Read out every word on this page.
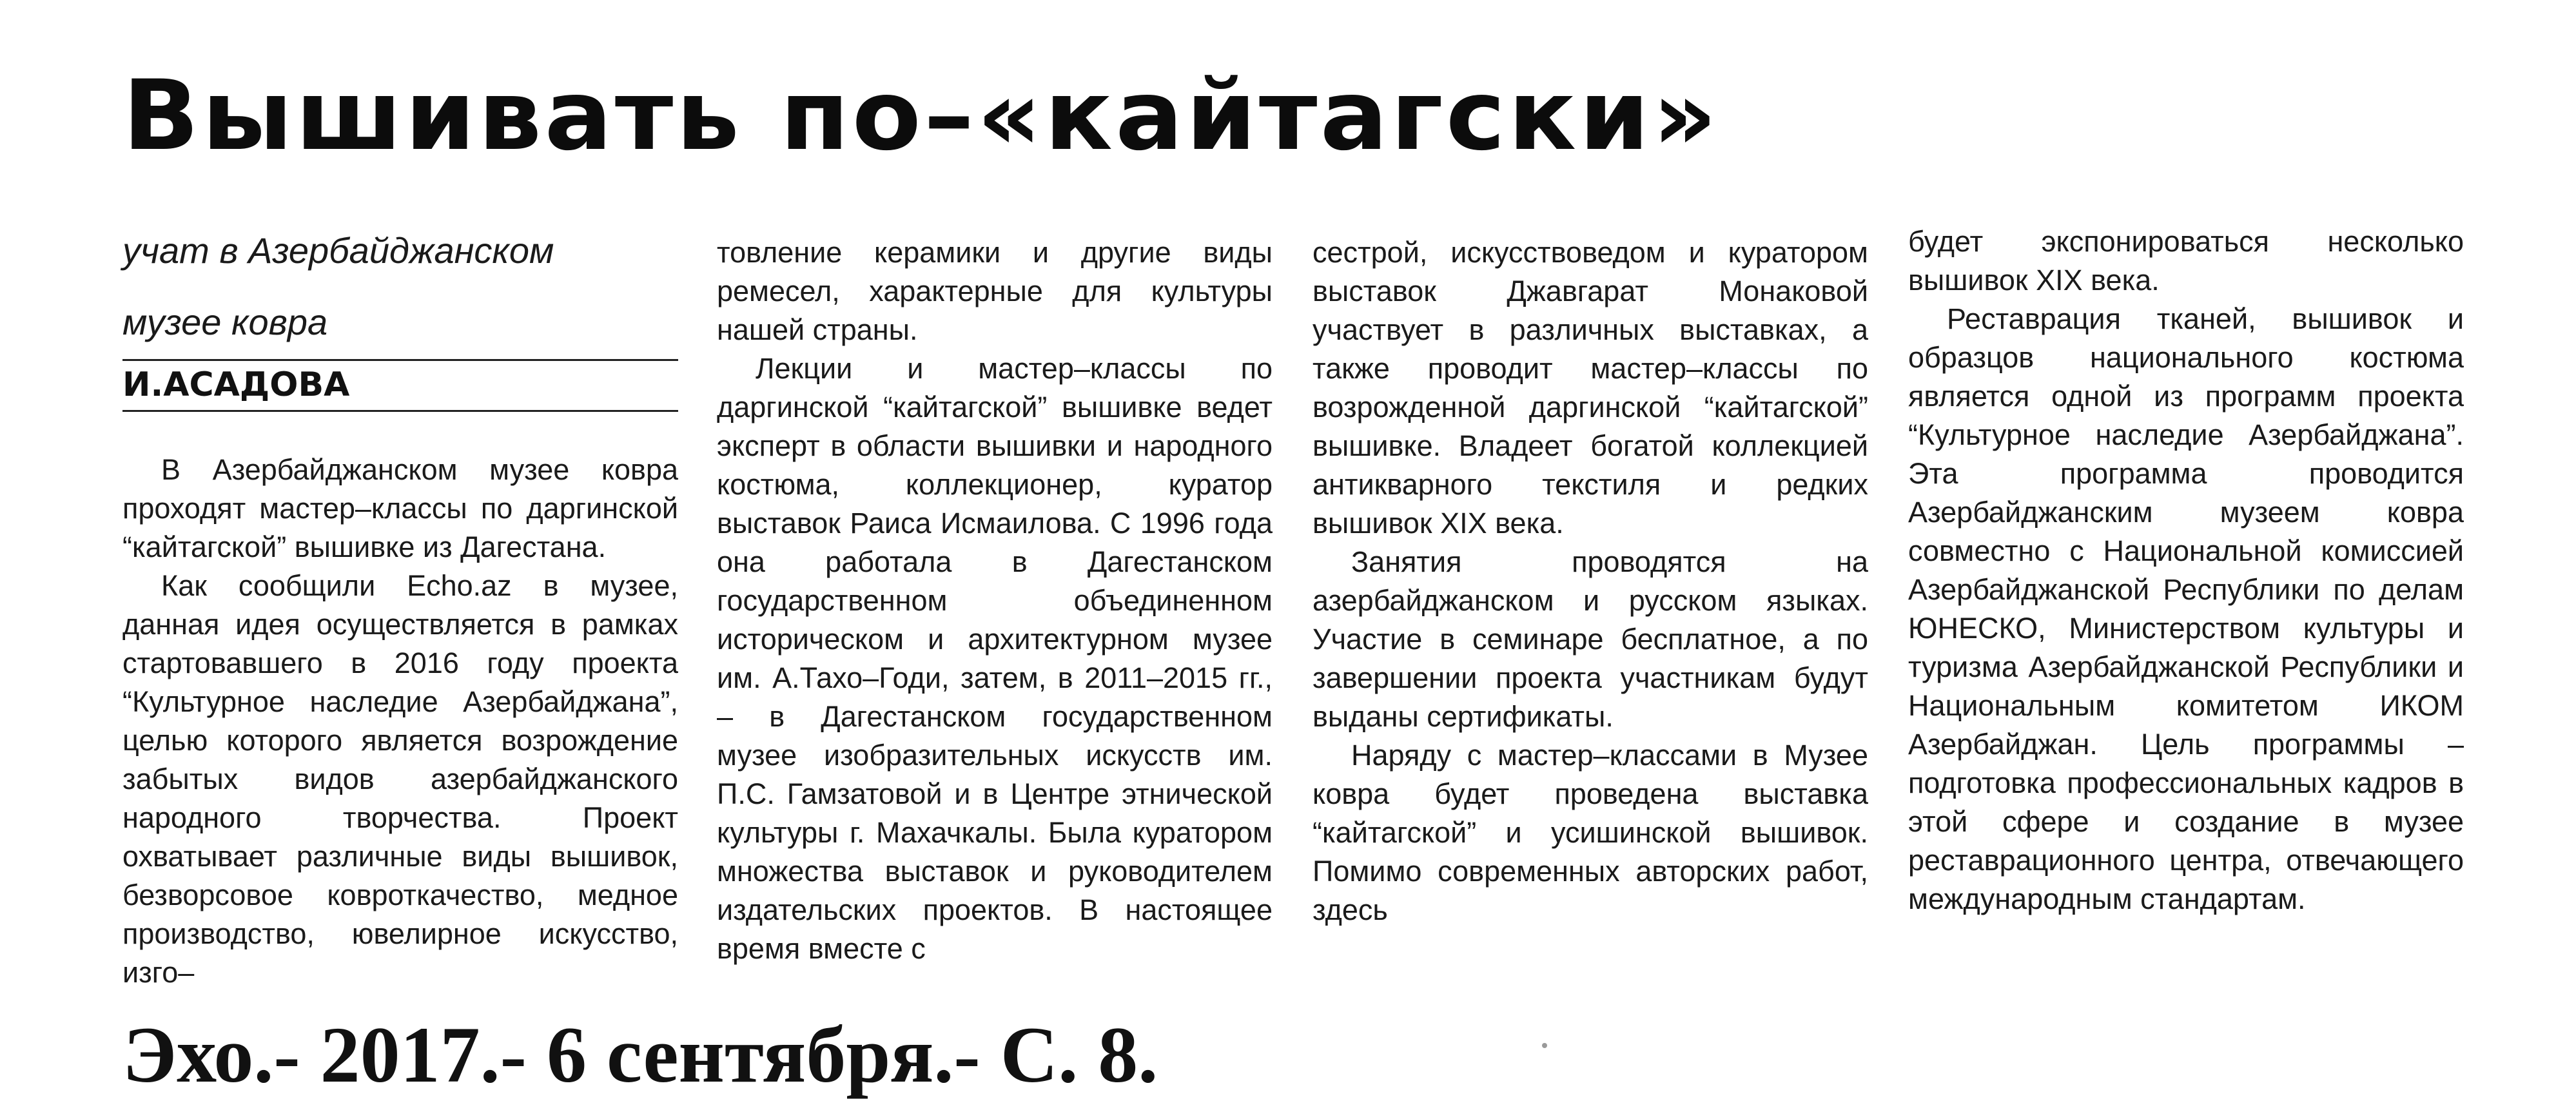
Вышивать по–«кайтагски»

учат в Азербайджанском

музее ковра

И.АСАДОВА

В Азербайджанском музее ковра проходят мастер–классы по даргинской “кайтагской” вышивке из Дагестана.

Как сообщили Echo.az в музее, данная идея осуществляется в рамках стартовавшего в 2016 году проекта “Культурное наследие Азербайджана”, целью которого является возрождение забытых видов азербайджанского народного творчества. Проект охватывает различные виды вышивок, безворсовое ковроткачество, медное производство, ювелирное искусство, изго–

товление керамики и другие виды ремесел, характерные для культуры нашей страны.

Лекции и мастер–классы по даргинской “кайтагской” вышивке ведет эксперт в области вышивки и народного костюма, коллекционер, куратор выставок Раиса Исмаилова. С 1996 года она работала в Дагестанском государственном объединенном историческом и архитектурном музее им. А.Тахо–Годи, затем, в 2011–2015 гг., – в Дагестанском государственном музее изобразительных искусств им. П.С. Гамзатовой и в Центре этнической культуры г. Махачкалы. Была куратором множества выставок и руководителем издательских проектов. В настоящее время вместе с

сестрой, искусствоведом и куратором выставок Джавгарат Монаковой участвует в различных выставках, а также проводит мастер–классы по возрожденной даргинской “кайтагской” вышивке. Владеет богатой коллекцией антикварного текстиля и редких вышивок XIX века.

Занятия проводятся на азербайджанском и русском языках. Участие в семинаре бесплатное, а по завершении проекта участникам будут выданы сертификаты.

Наряду с мастер–классами в Музее ковра будет проведена выставка “кайтагской” и усишинской вышивок. Помимо современных авторских работ, здесь

будет экспонироваться несколько вышивок XIX века.

Реставрация тканей, вышивок и образцов национального костюма является одной из программ проекта “Культурное наследие Азербайджана”. Эта программа проводится Азербайджанским музеем ковра совместно с Национальной комиссией Азербайджанской Республики по делам ЮНЕСКО, Министерством культуры и туризма Азербайджанской Республики и Национальным комитетом ИКОМ Азербайджан. Цель программы – подготовка профессиональных кадров в этой сфере и создание в музее реставрационного центра, отвечающего международным стандартам.

Эхо.- 2017.- 6 сентября.- С. 8.
